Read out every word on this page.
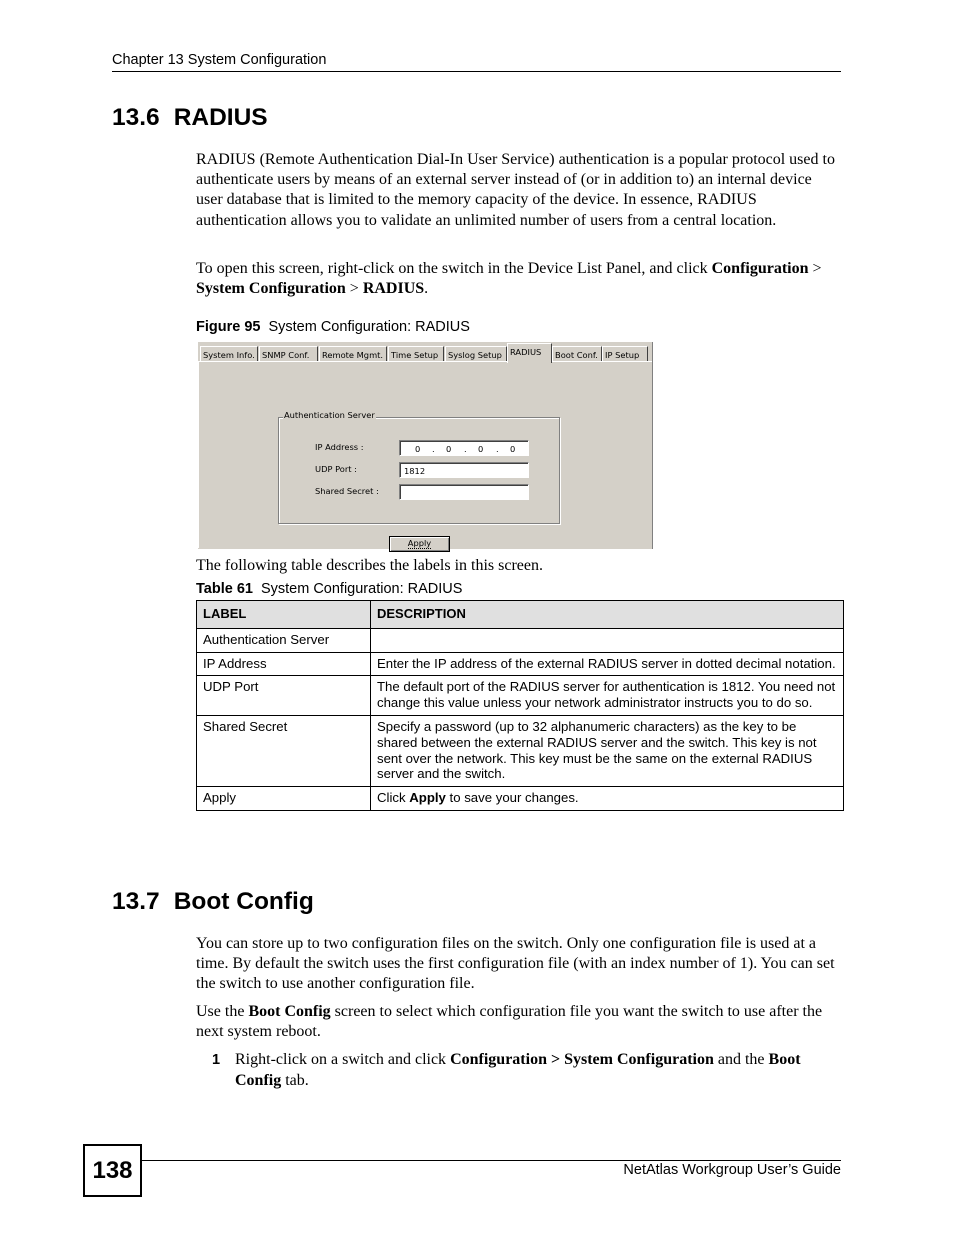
Chapter 13 System Configuration
13.6 RADIUS
RADIUS (Remote Authentication Dial-In User Service) authentication is a popular protocol used to authenticate users by means of an external server instead of (or in addition to) an internal device user database that is limited to the memory capacity of the device. In essence, RADIUS authentication allows you to validate an unlimited number of users from a central location.
To open this screen, right-click on the switch in the Device List Panel, and click Configuration > System Configuration > RADIUS.
Figure 95 System Configuration: RADIUS
System Info. SNMP Conf.	Remote Mgmt. Time Setup	Syslog Setup RADIUS	Boot Conf. IP Setup
Authentication Server
IP Address :	0 . 0 . 0 . 0
UDP Port :	1812
Shared Secret :
Apply
The following table describes the labels in this screen.
Table 61 System Configuration: RADIUS
LABEL	DESCRIPTION
Authentication Server	
IP Address	Enter the IP address of the external RADIUS server in dotted decimal notation.
UDP Port	The default port of the RADIUS server for authentication is 1812. You need not change this value unless your network administrator instructs you to do so.
Shared Secret	Specify a password (up to 32 alphanumeric characters) as the key to be shared between the external RADIUS server and the switch. This key is not sent over the network. This key must be the same on the external RADIUS server and the switch.
Apply	Click Apply to save your changes.
13.7 Boot Config
You can store up to two configuration files on the switch. Only one configuration file is used at a time. By default the switch uses the first configuration file (with an index number of 1). You can set the switch to use another configuration file.
Use the Boot Config screen to select which configuration file you want the switch to use after the next system reboot.
1 Right-click on a switch and click Configuration > System Configuration and the Boot Config tab.
138	NetAtlas Workgroup User’s Guide
